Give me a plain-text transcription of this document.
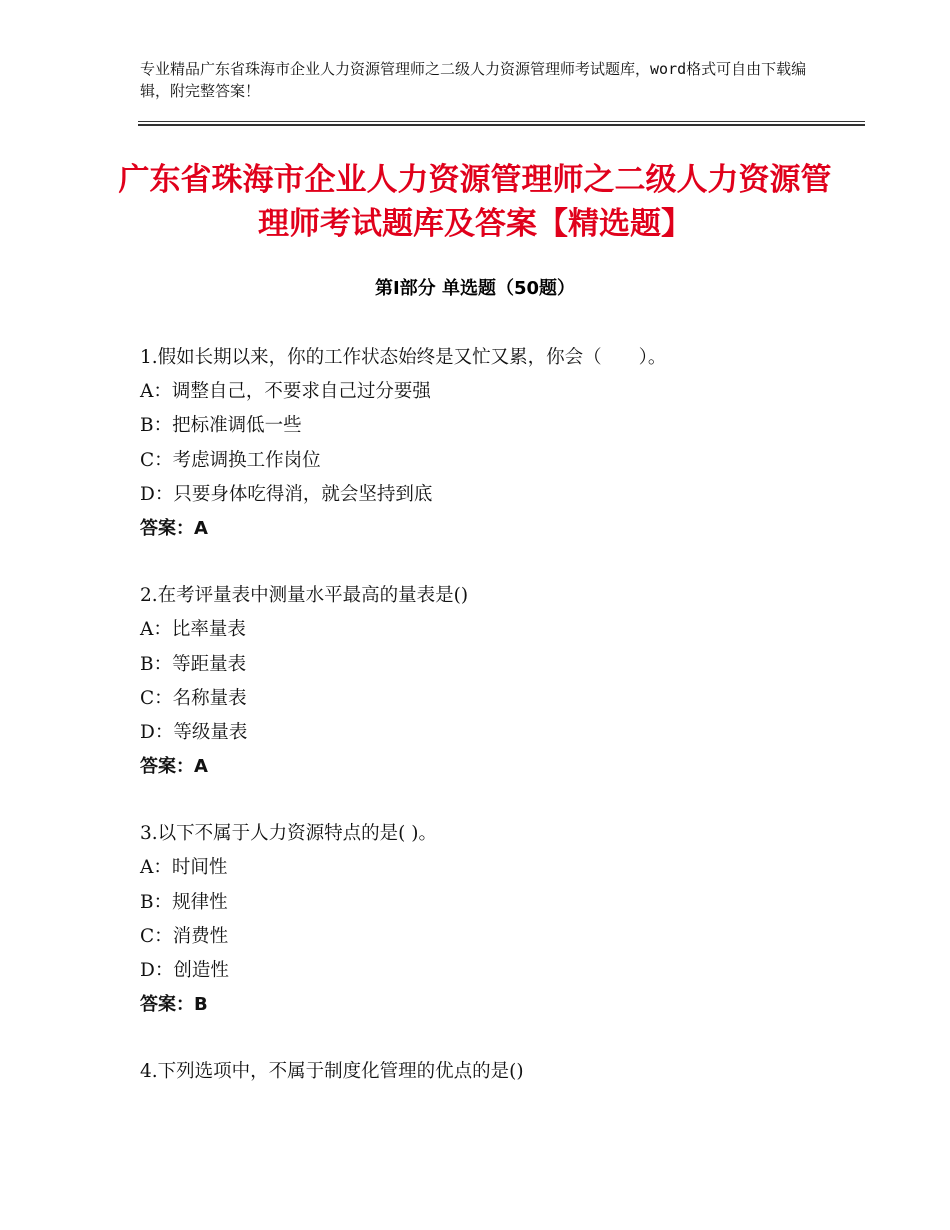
专业精品广东省珠海市企业人力资源管理师之二级人力资源管理师考试题库，word格式可自由下载编辑，附完整答案！
广东省珠海市企业人力资源管理师之二级人力资源管理师考试题库及答案【精选题】
第Ⅰ部分 单选题（50题）
1.假如长期以来，你的工作状态始终是又忙又累，你会（　　）。
A：调整自己，不要求自己过分要强
B：把标准调低一些
C：考虑调换工作岗位
D：只要身体吃得消，就会坚持到底
答案：A
2.在考评量表中测量水平最高的量表是()
A：比率量表
B：等距量表
C：名称量表
D：等级量表
答案：A
3.以下不属于人力资源特点的是( )。
A：时间性
B：规律性
C：消费性
D：创造性
答案：B
4.下列选项中，不属于制度化管理的优点的是()
